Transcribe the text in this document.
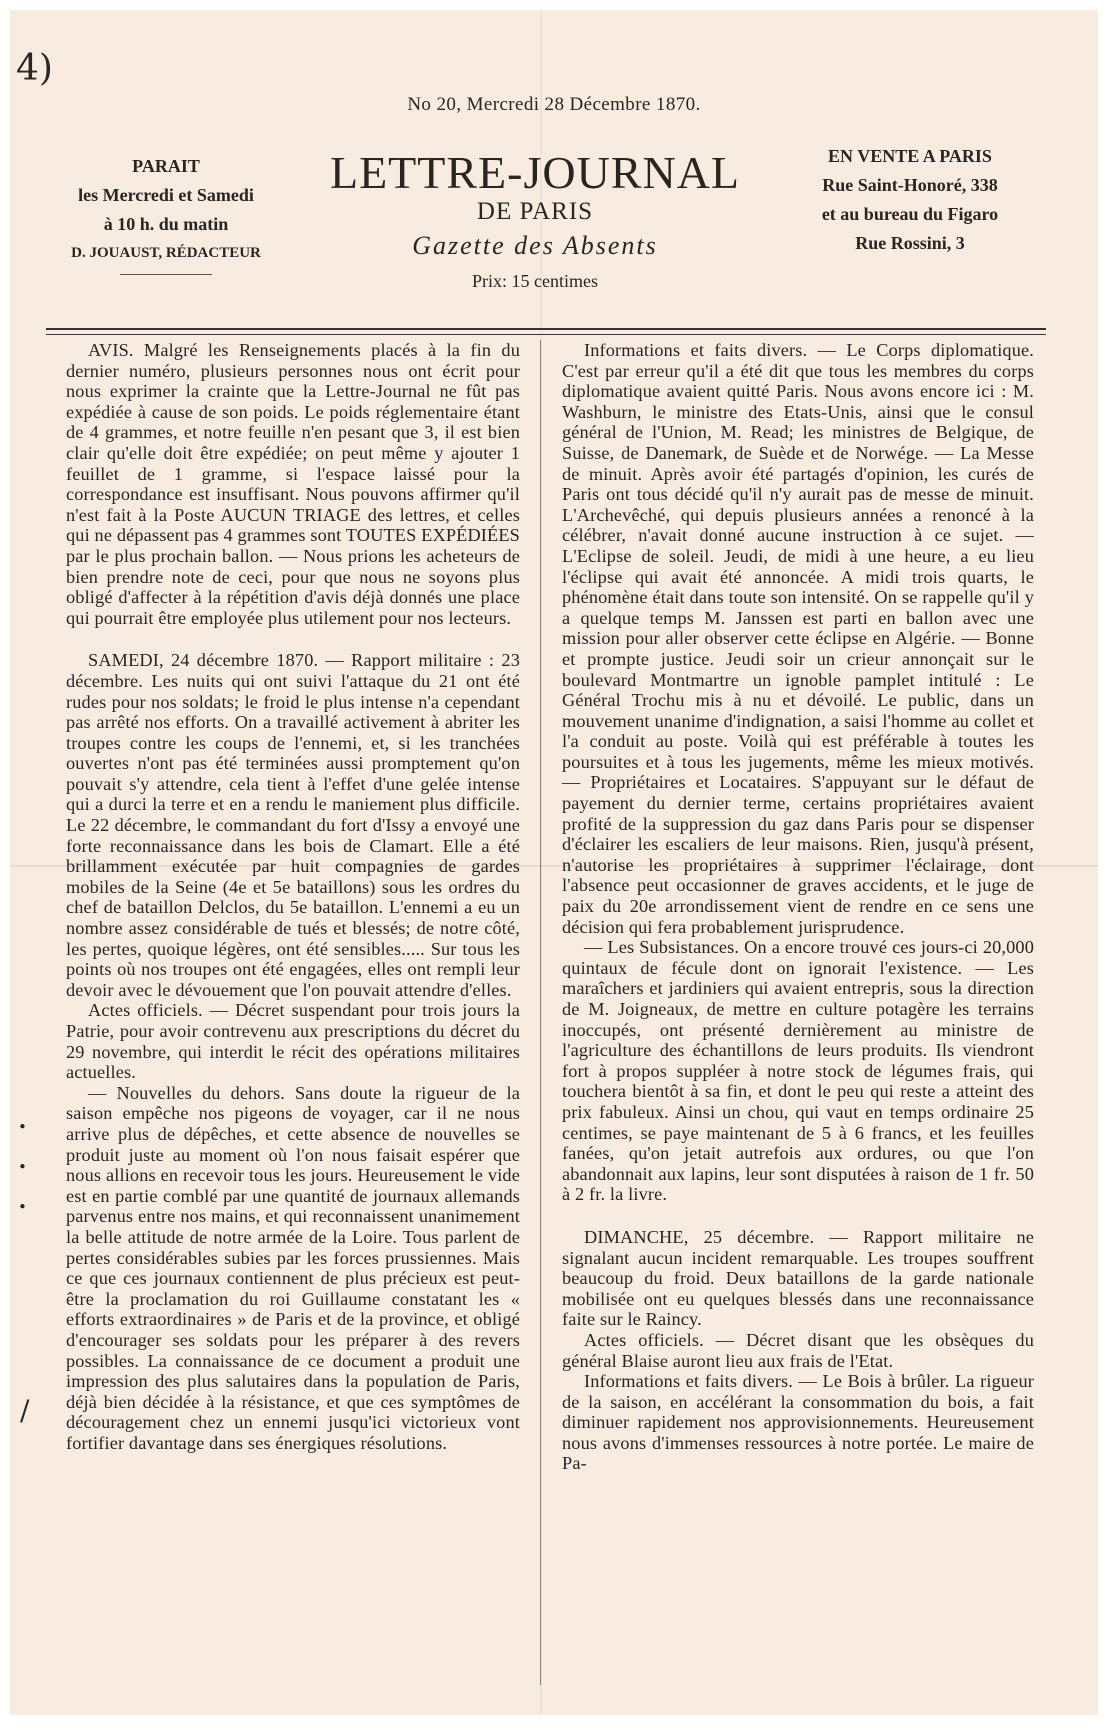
4)
•
•
•
/
No 20, Mercredi 28 Décembre 1870.
PARAIT
les Mercredi et Samedi
à 10 h. du matin
D. JOUAUST, RÉDACTEUR
LETTRE-JOURNAL
DE PARIS
Gazette des Absents
Prix: 15 centimes
EN VENTE A PARIS
Rue Saint-Honoré, 338
et au bureau du Figaro
Rue Rossini, 3

AVIS. Malgré les Renseignements placés à la fin du dernier numéro, plusieurs personnes nous ont écrit pour nous exprimer la crainte que la Lettre-Journal ne fût pas expédiée à cause de son poids. Le poids réglementaire étant de 4 grammes, et notre feuille n'en pesant que 3, il est bien clair qu'elle doit être expédiée; on peut même y ajouter 1 feuillet de 1 gramme, si l'espace laissé pour la correspondance est insuffisant. Nous pouvons affirmer qu'il n'est fait à la Poste AUCUN TRIAGE des lettres, et celles qui ne dépassent pas 4 grammes sont TOUTES EXPÉDIÉES par le plus prochain ballon. — Nous prions les acheteurs de bien prendre note de ceci, pour que nous ne soyons plus obligé d'affecter à la répétition d'avis déjà donnés une place qui pourrait être employée plus utilement pour nos lecteurs.

SAMEDI, 24 décembre 1870. — Rapport militaire : 23 décembre. Les nuits qui ont suivi l'attaque du 21 ont été rudes pour nos soldats; le froid le plus intense n'a cependant pas arrêté nos efforts. On a travaillé activement à abriter les troupes contre les coups de l'ennemi, et, si les tranchées ouvertes n'ont pas été terminées aussi promptement qu'on pouvait s'y attendre, cela tient à l'effet d'une gelée intense qui a durci la terre et en a rendu le maniement plus difficile. Le 22 décembre, le commandant du fort d'Issy a envoyé une forte reconnaissance dans les bois de Clamart. Elle a été brillamment exécutée par huit compagnies de gardes mobiles de la Seine (4e et 5e bataillons) sous les ordres du chef de bataillon Delclos, du 5e bataillon. L'ennemi a eu un nombre assez considérable de tués et blessés; de notre côté, les pertes, quoique légères, ont été sensibles..... Sur tous les points où nos troupes ont été engagées, elles ont rempli leur devoir avec le dévouement que l'on pouvait attendre d'elles.

Actes officiels. — Décret suspendant pour trois jours la Patrie, pour avoir contrevenu aux prescriptions du décret du 29 novembre, qui interdit le récit des opérations militaires actuelles.

— Nouvelles du dehors. Sans doute la rigueur de la saison empêche nos pigeons de voyager, car il ne nous arrive plus de dépêches, et cette absence de nouvelles se produit juste au moment où l'on nous faisait espérer que nous allions en recevoir tous les jours. Heureusement le vide est en partie comblé par une quantité de journaux allemands parvenus entre nos mains, et qui reconnaissent unanimement la belle attitude de notre armée de la Loire. Tous parlent de pertes considérables subies par les forces prussiennes. Mais ce que ces journaux contiennent de plus précieux est peut-être la proclamation du roi Guillaume constatant les « efforts extraordinaires » de Paris et de la province, et obligé d'encourager ses soldats pour les préparer à des revers possibles. La connaissance de ce document a produit une impression des plus salutaires dans la population de Paris, déjà bien décidée à la résistance, et que ces symptômes de découragement chez un ennemi jusqu'ici victorieux vont fortifier davantage dans ses énergiques résolutions.

Informations et faits divers. — Le Corps diplomatique. C'est par erreur qu'il a été dit que tous les membres du corps diplomatique avaient quitté Paris. Nous avons encore ici : M. Washburn, le ministre des Etats-Unis, ainsi que le consul général de l'Union, M. Read; les ministres de Belgique, de Suisse, de Danemark, de Suède et de Norwége. — La Messe de minuit. Après avoir été partagés d'opinion, les curés de Paris ont tous décidé qu'il n'y aurait pas de messe de minuit. L'Archevêché, qui depuis plusieurs années a renoncé à la célébrer, n'avait donné aucune instruction à ce sujet. — L'Eclipse de soleil. Jeudi, de midi à une heure, a eu lieu l'éclipse qui avait été annoncée. A midi trois quarts, le phénomène était dans toute son intensité. On se rappelle qu'il y a quelque temps M. Janssen est parti en ballon avec une mission pour aller observer cette éclipse en Algérie. — Bonne et prompte justice. Jeudi soir un crieur annonçait sur le boulevard Montmartre un ignoble pamplet intitulé : Le Général Trochu mis à nu et dévoilé. Le public, dans un mouvement unanime d'indignation, a saisi l'homme au collet et l'a conduit au poste. Voilà qui est préférable à toutes les poursuites et à tous les jugements, même les mieux motivés. — Propriétaires et Locataires. S'appuyant sur le défaut de payement du dernier terme, certains propriétaires avaient profité de la suppression du gaz dans Paris pour se dispenser d'éclairer les escaliers de leur maisons. Rien, jusqu'à présent, n'autorise les propriétaires à supprimer l'éclairage, dont l'absence peut occasionner de graves accidents, et le juge de paix du 20e arrondissement vient de rendre en ce sens une décision qui fera probablement jurisprudence.

— Les Subsistances. On a encore trouvé ces jours-ci 20,000 quintaux de fécule dont on ignorait l'existence. — Les maraîchers et jardiniers qui avaient entrepris, sous la direction de M. Joigneaux, de mettre en culture potagère les terrains inoccupés, ont présenté dernièrement au ministre de l'agriculture des échantillons de leurs produits. Ils viendront fort à propos suppléer à notre stock de légumes frais, qui touchera bientôt à sa fin, et dont le peu qui reste a atteint des prix fabuleux. Ainsi un chou, qui vaut en temps ordinaire 25 centimes, se paye maintenant de 5 à 6 francs, et les feuilles fanées, qu'on jetait autrefois aux ordures, ou que l'on abandonnait aux lapins, leur sont disputées à raison de 1 fr. 50 à 2 fr. la livre.

DIMANCHE, 25 décembre. — Rapport militaire ne signalant aucun incident remarquable. Les troupes souffrent beaucoup du froid. Deux bataillons de la garde nationale mobilisée ont eu quelques blessés dans une reconnaissance faite sur le Raincy.

Actes officiels. — Décret disant que les obsèques du général Blaise auront lieu aux frais de l'Etat.

Informations et faits divers. — Le Bois à brûler. La rigueur de la saison, en accélérant la consommation du bois, a fait diminuer rapidement nos approvisionnements. Heureusement nous avons d'immenses ressources à notre portée. Le maire de Pa-
